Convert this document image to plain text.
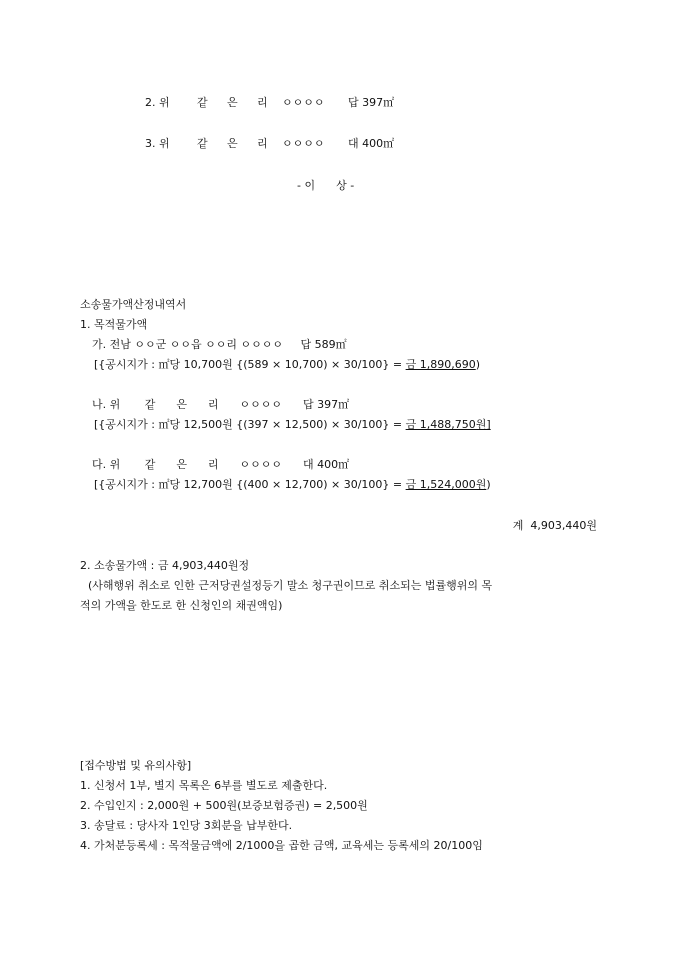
2. 위	같	은	리	ㅇㅇㅇㅇ	답 397㎡
3. 위	같	은	리	ㅇㅇㅇㅇ	대 400㎡
- 이      상 -
소송물가액산정내역서
1. 목적물가액
가. 전남 ㅇㅇ군 ㅇㅇ읍 ㅇㅇ리 ㅇㅇㅇㅇ     답 589㎡
[{공시지가 : ㎡당 10,700원 {(589 × 10,700) × 30/100} = 금 1,890,690)
나. 위       같      은      리      ㅇㅇㅇㅇ      답 397㎡
[{공시지가 : ㎡당 12,500원 {(397 × 12,500) × 30/100} = 금 1,488,750원]
다. 위       같      은      리      ㅇㅇㅇㅇ      대 400㎡
[{공시지가 : ㎡당 12,700원 {(400 × 12,700) × 30/100} = 금 1,524,000원)
계  4,903,440원
2. 소송물가액 : 금 4,903,440원정
(사해행위 취소로 인한 근저당권설정등기 말소 청구권이므로 취소되는 법률행위의 목
적의 가액을 한도로 한 신청인의 채권액임)
[접수방법 및 유의사항]
1. 신청서 1부, 별지 목록은 6부를 별도로 제출한다.
2. 수입인지 : 2,000원 + 500원(보증보험증권) = 2,500원
3. 송달료 : 당사자 1인당 3회분을 납부한다.
4. 가처분등록세 : 목적물금액에 2/1000을 곱한 금액, 교육세는 등록세의 20/100임
